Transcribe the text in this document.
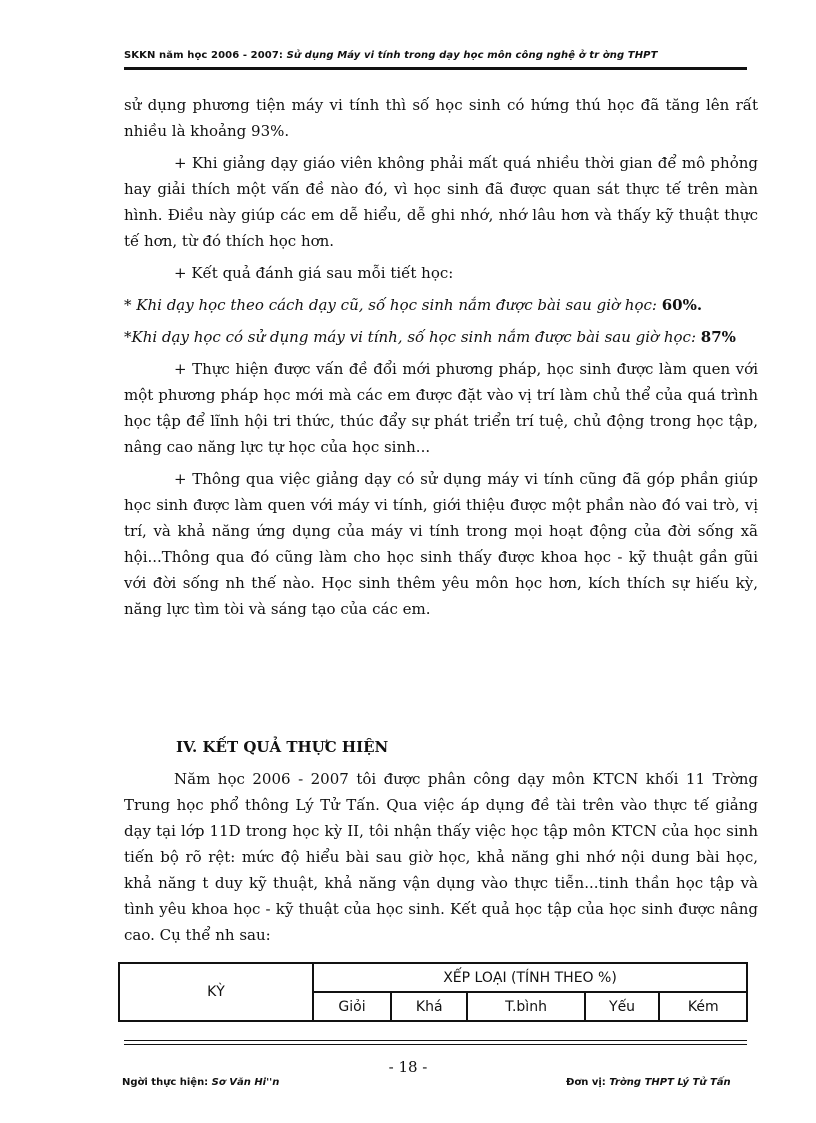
SKKN năm học 2006 - 2007: Sử dụng Máy vi tính trong dạy học môn công nghệ ở tr ờng THPT

sử dụng phương tiện máy vi tính thì số học sinh có hứng thú học đã tăng lên rất nhiều là khoảng 93%.

+ Khi giảng dạy giáo viên không phải mất quá nhiều thời gian để mô phỏng hay giải thích một vấn đề nào đó, vì học sinh đã được quan sát thực tế trên màn hình. Điều này giúp các em dễ hiểu, dễ ghi nhớ, nhớ lâu hơn và thấy kỹ thuật thực tế hơn, từ đó thích học hơn.

+ Kết quả đánh giá sau mỗi tiết học:

* Khi dạy học theo cách dạy cũ, số học sinh nắm được bài sau giờ học: 60%.

*Khi dạy học có sử dụng máy vi tính, số học sinh nắm được bài sau giờ học: 87%

+ Thực hiện được vấn đề đổi mới phương pháp, học sinh được làm quen với một phương pháp học mới mà các em được đặt vào vị trí làm chủ thể của quá trình học tập để lĩnh hội tri thức, thúc đẩy sự phát triển trí tuệ, chủ động trong học tập, nâng cao năng lực tự học của học sinh...

+ Thông qua việc giảng dạy có sử dụng máy vi tính cũng đã góp phần giúp học sinh được làm quen với máy vi tính, giới thiệu được một phần nào đó vai trò, vị trí, và khả năng ứng dụng của máy vi tính trong mọi hoạt động của đời sống xã hội...Thông qua đó cũng làm cho học sinh thấy được khoa học - kỹ thuật gần gũi với đời sống nh thế nào. Học sinh thêm yêu môn học hơn, kích thích sự hiếu kỳ, năng lực tìm tòi và sáng tạo của các em.

IV. KẾT QUẢ THỰC HIỆN

Năm học 2006 - 2007 tôi được phân công dạy môn KTCN khối 11 Trờng Trung học phổ thông Lý Tử Tấn. Qua việc áp dụng đề tài trên vào thực tế giảng dạy tại lớp 11D trong học kỳ II, tôi nhận thấy việc học tập môn KTCN của học sinh tiến bộ rõ rệt: mức độ hiểu bài sau giờ học, khả năng ghi nhớ nội dung bài học, khả năng t duy kỹ thuật, khả năng vận dụng vào thực tiễn...tinh thần học tập và tình yêu khoa học - kỹ thuật của học sinh. Kết quả học tập của học sinh được nâng cao. Cụ thể nh sau:

KỲ	XẾP LOẠI (TÍNH THEO %)				
	Giỏi	Khá	T.bình	Yếu	Kém
- 18 -
Ngời thực hiện: Sơ Văn Hi''n	Đơn vị: Trờng THPT Lý Tử Tấn
